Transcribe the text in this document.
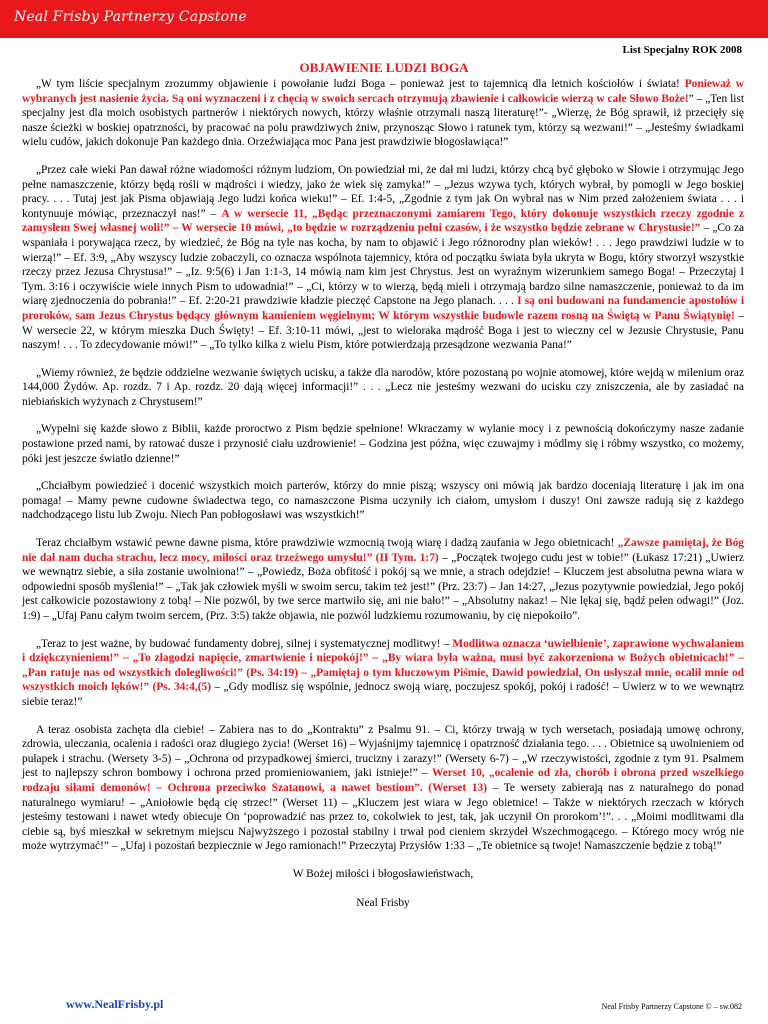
Neal Frisby Partnerzy Capstone
List Specjalny ROK 2008
OBJAWIENIE LUDZI BOGA

„W tym liście specjalnym zrozummy objawienie i powołanie ludzi Boga – ponieważ jest to tajemnicą dla letnich kościołów i świata! Ponieważ w wybranych jest nasienie życia. Są oni wyznaczeni i z chęcią w swoich sercach otrzymują zbawienie i całkowicie wierzą w całe Słowo Boże!” – „Ten list specjalny jest dla moich osobistych partnerów i niektórych nowych, którzy właśnie otrzymali naszą literaturę!”- „Wierzę, że Bóg sprawił, iż przecięły się nasze ścieżki w boskiej opatrzności, by pracować na polu prawdziwych żniw, przynosząc Słowo i ratunek tym, którzy są wezwani!” – „Jesteśmy świadkami wielu cudów, jakich dokonuje Pan każdego dnia. Orzeźwiająca moc Pana jest prawdziwie błogosławiąca!”

„Przez całe wieki Pan dawał różne wiadomości różnym ludziom, On powiedział mi, że dał mi ludzi, którzy chcą być głęboko w Słowie i otrzymując Jego pełne namaszczenie, którzy będą rośli w mądrości i wiedzy, jako że wiek się zamyka!” – „Jezus wzywa tych, których wybrał, by pomogli w Jego boskiej pracy. . . . Tutaj jest jak Pisma objawiają Jego ludzi końca wieku!” – Ef. 1:4-5, „Zgodnie z tym jak On wybrał nas w Nim przed założeniem świata . . . i kontynuuje mówiąc, przeznaczył nas!” – A w wersecie 11, „Będąc przeznaczonymi zamiarem Tego, który dokonuje wszystkich rzeczy zgodnie z zamysłem Swej własnej woli!” – W wersecie 10 mówi, „to będzie w rozrządzeniu pełni czasów, i że wszystko będzie zebrane w Chrystusie!” – „Co za wspaniała i porywająca rzecz, by wiedzieć, że Bóg na tyle nas kocha, by nam to objawić i Jego różnorodny plan wieków! . . . Jego prawdziwi ludzie w to wierzą!” – Ef. 3:9, „Aby wszyscy ludzie zobaczyli, co oznacza wspólnota tajemnicy, która od początku świata była ukryta w Bogu, który stworzył wszystkie rzeczy przez Jezusa Chrystusa!” – „Iz. 9:5(6) i Jan 1:1-3, 14 mówią nam kim jest Chrystus. Jest on wyraźnym wizerunkiem samego Boga! – Przeczytaj I Tym. 3:16 i oczywiście wiele innych Pism to udowadnia!” – „Ci, którzy w to wierzą, będą mieli i otrzymają bardzo silne namaszczenie, ponieważ to da im wiarę zjednoczenia do pobrania!” – Ef. 2:20-21 prawdziwie kładzie pieczęć Capstone na Jego planach. . . . I są oni budowani na fundamencie apostołów i proroków, sam Jezus Chrystus będący głównym kamieniem węgielnym; W którym wszystkie budowle razem rosną na Świętą w Panu Świątynię! – W wersecie 22, w którym mieszka Duch Święty! – Ef. 3:10-11 mówi, „jest to wieloraka mądrość Boga i jest to wieczny cel w Jezusie Chrystusie, Panu naszym! . . . To zdecydowanie mówi!” – „To tylko kilka z wielu Pism, które potwierdzają przesądzone wezwania Pana!”

„Wiemy również, że będzie oddzielne wezwanie świętych ucisku, a także dla narodów, które pozostaną po wojnie atomowej, które wejdą w milenium oraz 144,000 Żydów. Ap. rozdz. 7 i Ap. rozdz. 20 dają więcej informacji!” . . . „Lecz nie jesteśmy wezwani do ucisku czy zniszczenia, ale by zasiadać na niebiańskich wyżynach z Chrystusem!”

„Wypełni się każde słowo z Biblii, każde proroctwo z Pism będzie spełnione! Wkraczamy w wylanie mocy i z pewnością dokończymy nasze zadanie postawione przed nami, by ratować dusze i przynosić ciału uzdrowienie! – Godzina jest późna, więc czuwajmy i módlmy się i róbmy wszystko, co możemy, póki jest jeszcze światło dzienne!”

„Chciałbym powiedzieć i docenić wszystkich moich parterów, którzy do mnie piszą; wszyscy oni mówią jak bardzo doceniają literaturę i jak im ona pomaga! – Mamy pewne cudowne świadectwa tego, co namaszczone Pisma uczyniły ich ciałom, umysłom i duszy! Oni zawsze radują się z każdego nadchodzącego listu lub Zwoju. Niech Pan pobłogosławi was wszystkich!”

Teraz chciałbym wstawić pewne dawne pisma, które prawdziwie wzmocnią twoją wiarę i dadzą zaufania w Jego obietnicach! „Zawsze pamiętaj, że Bóg nie dał nam ducha strachu, lecz mocy, miłości oraz trzeźwego umysłu!” (II Tym. 1:7) – „Początek twojego cudu jest w tobie!” (Łukasz 17:21) „Uwierz we wewnątrz siebie, a siła zostanie uwolniona!” – „Powiedz, Boża obfitość i pokój są we mnie, a strach odejdzie! – Kluczem jest absolutna pewna wiara w odpowiedni sposób myślenia!” – „Tak jak człowiek myśli w swoim sercu, takim też jest!” (Prz. 23:7) – Jan 14:27, „Jezus pozytywnie powiedział, Jego pokój jest całkowicie pozostawiony z tobą! – Nie pozwól, by twe serce martwiło się, ani nie bało!” – „Absolutny nakaz! – Nie lękaj się, bądź pełen odwagi!” (Joz. 1:9) – „Ufaj Panu całym twoim sercem, (Prz. 3:5) także objawia, nie pozwól ludzkiemu rozumowaniu, by cię niepokoiło”.

„Teraz to jest ważne, by budować fundamenty dobrej, silnej i systematycznej modlitwy! – Modlitwa oznacza ‘uwielbienie’, zaprawione wychwalaniem i dziękczynieniem!” – „To złagodzi napięcie, zmartwienie i niepokój!” – „By wiara była ważna, musi być zakorzeniona w Bożych obietnicach!” – „Pan ratuje nas od wszystkich dolegliwości!” (Ps. 34:19) – „Pamiętaj o tym kluczowym Piśmie, Dawid powiedział, On usłyszał mnie, ocalił mnie od wszystkich moich lęków!” (Ps. 34:4,(5) – „Gdy modlisz się wspólnie, jednocz swoją wiarę, poczujesz spokój, pokój i radość! – Uwierz w to we wewnątrz siebie teraz!”

A teraz osobista zachęta dla ciebie! – Zabiera nas to do „Kontraktu” z Psalmu 91. – Ci, którzy trwają w tych wersetach, posiadają umowę ochrony, zdrowia, uleczania, ocalenia i radości oraz długiego życia! (Werset 16) – Wyjaśnijmy tajemnicę i opatrzność działania tego. . . . Obietnice są uwolnieniem od pułapek i strachu. (Wersety 3-5) – „Ochrona od przypadkowej śmierci, trucizny i zarazy!” (Wersety 6-7) – „W rzeczywistości, zgodnie z tym 91. Psalmem jest to najlepszy schron bombowy i ochrona przed promieniowaniem, jaki istnieje!” – Werset 10, „ocalenie od zła, chorób i obrona przed wszelkiego rodzaju siłami demonów! – Ochrona przeciwko Szatanowi, a nawet bestiom”. (Werset 13) – Te wersety zabierają nas z naturalnego do ponad naturalnego wymiaru! – „Aniołowie będą cię strzec!” (Werset 11) – „Kluczem jest wiara w Jego obietnice! – Także w niektórych rzeczach w których jesteśmy testowani i nawet wtedy obiecuje On ‘poprowadzić nas przez to, cokolwiek to jest, tak, jak uczynił On prorokom’!”. . . „Moimi modlitwami dla ciebie są, byś mieszkał w sekretnym miejscu Najwyższego i pozostał stabilny i trwał pod cieniem skrzydeł Wszechmogącego. – Którego mocy wróg nie może wytrzymać!” – „Ufaj i pozostań bezpiecznie w Jego ramionach!” Przeczytaj Przysłów 1:33 – „Te obietnice są twoje! Namaszczenie będzie z tobą!”

W Bożej miłości i błogosławieństwach,

Neal Frisby

www.NealFrisby.pl	Neal Frisby Partnerzy Capstone © – sw.082
